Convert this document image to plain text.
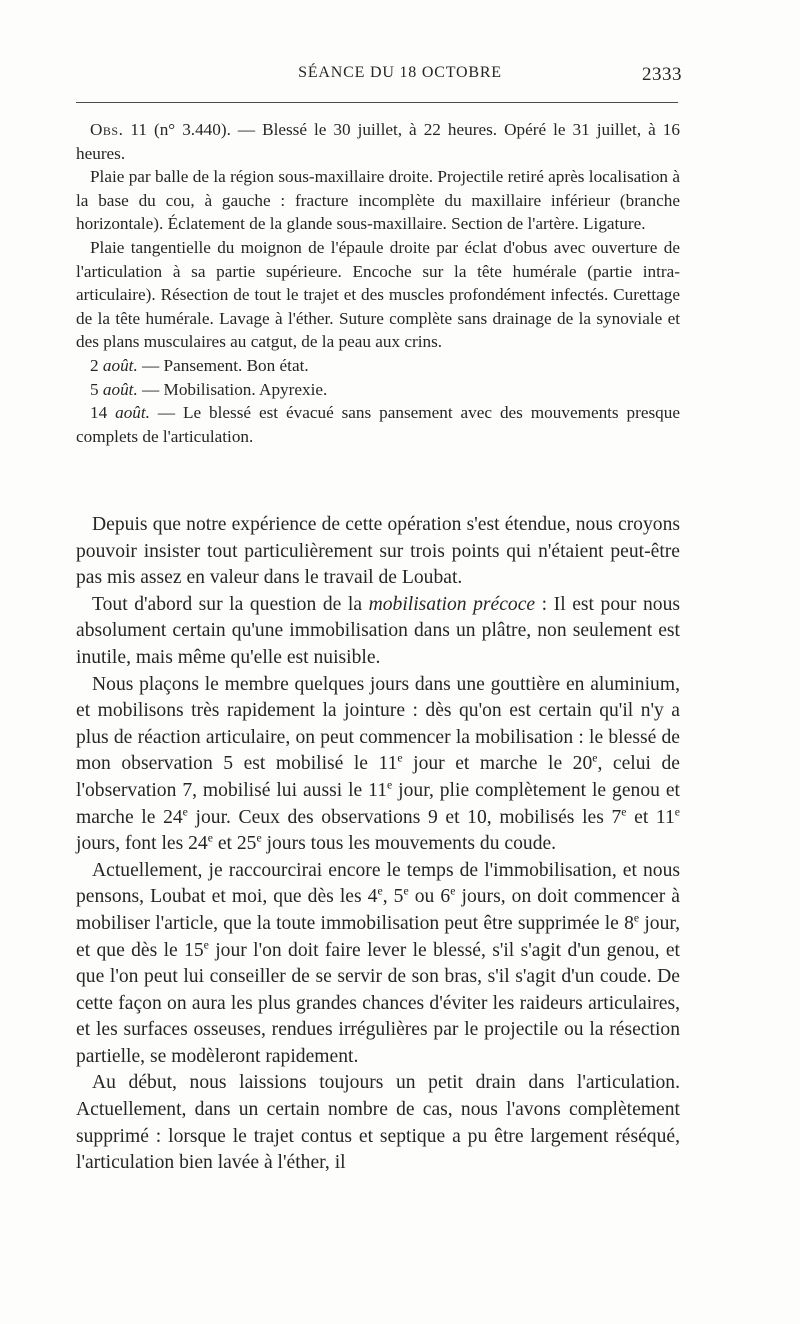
SÉANCE DU 18 OCTOBRE	2333

Obs. 11 (n° 3.440). — Blessé le 30 juillet, à 22 heures. Opéré le 31 juillet, à 16 heures.

Plaie par balle de la région sous-maxillaire droite. Projectile retiré après localisation à la base du cou, à gauche : fracture incomplète du maxillaire inférieur (branche horizontale). Éclatement de la glande sous-maxillaire. Section de l'artère. Ligature.

Plaie tangentielle du moignon de l'épaule droite par éclat d'obus avec ouverture de l'articulation à sa partie supérieure. Encoche sur la tête humérale (partie intra-articulaire). Résection de tout le trajet et des muscles profondément infectés. Curettage de la tête humérale. Lavage à l'éther. Suture complète sans drainage de la synoviale et des plans musculaires au catgut, de la peau aux crins.

2 août. — Pansement. Bon état.

5 août. — Mobilisation. Apyrexie.

14 août. — Le blessé est évacué sans pansement avec des mouvements presque complets de l'articulation.

Depuis que notre expérience de cette opération s'est étendue, nous croyons pouvoir insister tout particulièrement sur trois points qui n'étaient peut-être pas mis assez en valeur dans le travail de Loubat.

Tout d'abord sur la question de la mobilisation précoce : Il est pour nous absolument certain qu'une immobilisation dans un plâtre, non seulement est inutile, mais même qu'elle est nuisible.

Nous plaçons le membre quelques jours dans une gouttière en aluminium, et mobilisons très rapidement la jointure : dès qu'on est certain qu'il n'y a plus de réaction articulaire, on peut commencer la mobilisation : le blessé de mon observation 5 est mobilisé le 11e jour et marche le 20e, celui de l'observation 7, mobilisé lui aussi le 11e jour, plie complètement le genou et marche le 24e jour. Ceux des observations 9 et 10, mobilisés les 7e et 11e jours, font les 24e et 25e jours tous les mouvements du coude.

Actuellement, je raccourcirai encore le temps de l'immobilisation, et nous pensons, Loubat et moi, que dès les 4e, 5e ou 6e jours, on doit commencer à mobiliser l'article, que la toute immobilisation peut être supprimée le 8e jour, et que dès le 15e jour l'on doit faire lever le blessé, s'il s'agit d'un genou, et que l'on peut lui conseiller de se servir de son bras, s'il s'agit d'un coude. De cette façon on aura les plus grandes chances d'éviter les raideurs articulaires, et les surfaces osseuses, rendues irrégulières par le projectile ou la résection partielle, se modèleront rapidement.

Au début, nous laissions toujours un petit drain dans l'articulation. Actuellement, dans un certain nombre de cas, nous l'avons complètement supprimé : lorsque le trajet contus et septique a pu être largement réséqué, l'articulation bien lavée à l'éther, il
